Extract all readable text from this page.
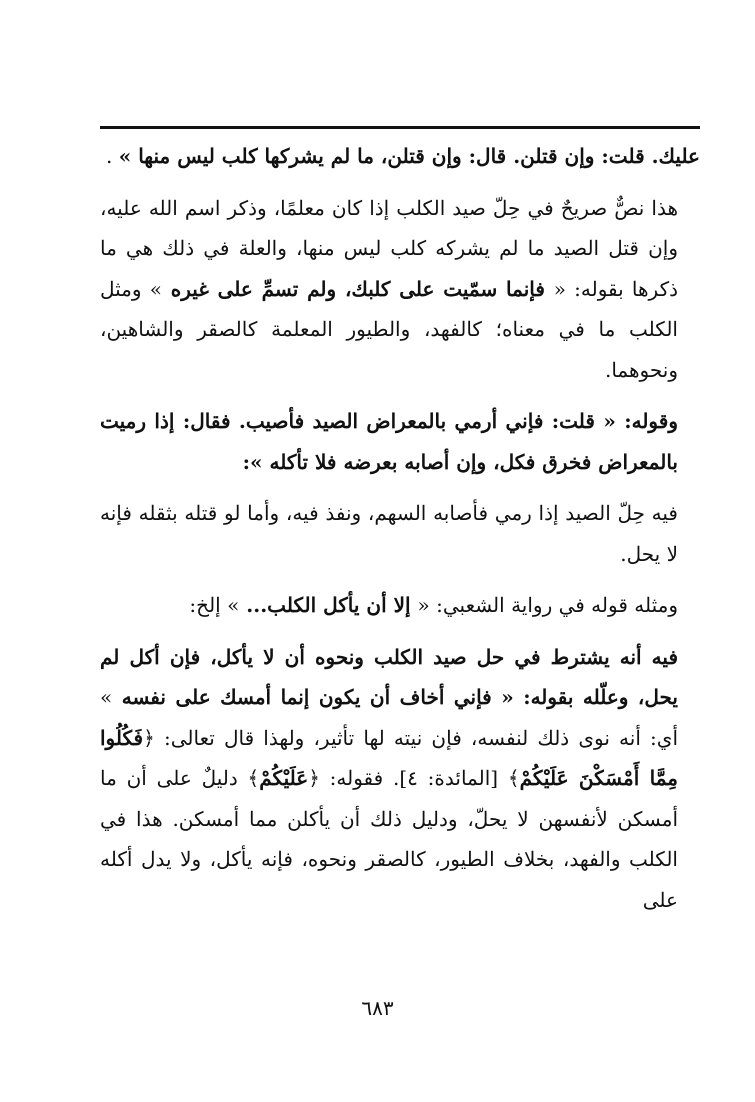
عليك. قلت: وإن قتلن. قال: وإن قتلن، ما لم يشركها كلب ليس منها » .

هذا نصٌّ صريحٌ في حِلّ صيد الكلب إذا كان معلمًا، وذكر اسم الله عليه، وإن قتل الصيد ما لم يشركه كلب ليس منها، والعلة في ذلك هي ما ذكرها بقوله: « فإنما سمّيت على كلبك، ولم تسمِّ على غيره » ومثل الكلب ما في معناه؛ كالفهد، والطيور المعلمة كالصقر والشاهين، ونحوهما.

وقوله: « قلت: فإني أرمي بالمعراض الصيد فأصيب. فقال: إذا رميت بالمعراض فخرق فكل، وإن أصابه بعرضه فلا تأكله »:

فيه حِلّ الصيد إذا رمي فأصابه السهم، ونفذ فيه، وأما لو قتله بثقله فإنه لا يحل.

ومثله قوله في رواية الشعبي: « إلا أن يأكل الكلب... » إلخ:

فيه أنه يشترط في حل صيد الكلب ونحوه أن لا يأكل، فإن أكل لم يحل، وعلّله بقوله: « فإني أخاف أن يكون إنما أمسك على نفسه » أي: أنه نوى ذلك لنفسه، فإن نيته لها تأثير، ولهذا قال تعالى: ﴿فَكُلُوا مِمَّا أَمْسَكْنَ عَلَيْكُمْ﴾ [المائدة: ٤]. فقوله: ﴿عَلَيْكُمْ﴾ دليلٌ على أن ما أمسكن لأنفسهن لا يحلّ، ودليل ذلك أن يأكلن مما أمسكن. هذا في الكلب والفهد، بخلاف الطيور، كالصقر ونحوه، فإنه يأكل، ولا يدل أكله على

٦٨٣
